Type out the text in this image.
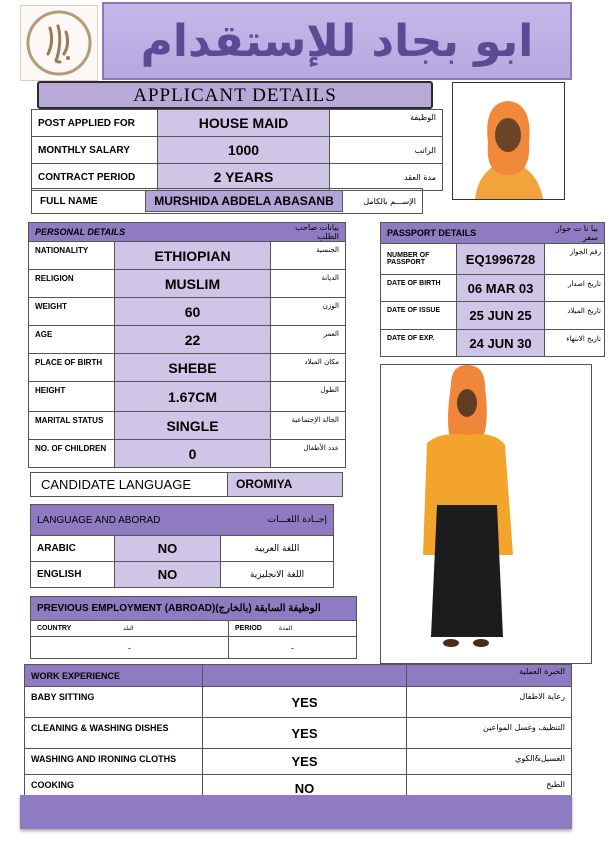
ابو بجاد للإستقدام
APPLICANT DETAILS
POST APPLIED FOR	HOUSE MAID	الوظيفة
MONTHLY SALARY	1000	الراتب
CONTRACT PERIOD	2 YEARS	مدة العقد
FULL NAME	MURSHIDA ABDELA ABASANB	الإســـم بالكامل
PERSONAL DETAILS		بيانات صاحب الطلب
NATIONALITY	ETHIOPIAN	الجنسية
RELIGION	MUSLIM	الديانة
WEIGHT	60	الوزن
AGE	22	العمر
PLACE OF BIRTH	SHEBE	مكان الميلاد
HEIGHT	1.67CM	الطول
MARITAL STATUS	SINGLE	الحالة الإجتماعية
NO. OF CHILDREN	0	عدد الأطفال
PASSPORT DETAILS		بيا نا ت جواز سفر
NUMBER OF PASSPORT	EQ1996728	رقم الجواز
DATE OF BIRTH	06 MAR 03	تاريخ اصدار
DATE OF ISSUE	25 JUN 25	تاريخ الميلاد
DATE OF EXP.	24 JUN 30	تاريخ الانتهاء
CANDIDATE LANGUAGE	OROMIYA
LANGUAGE AND ABORAD		إجــادة اللغـــات
ARABIC	NO	اللغة العربية
ENGLISH	NO	اللغة الانجليزية
PREVIOUS EMPLOYMENT (ABROAD)(الوظيفة السابقة (بالخارج	
COUNTRY البلد	PERIOD المدة

-	-
WORK EXPERIENCE		الخبرة العملية
BABY SITTING	YES	رعاية الاطفال
CLEANING & WASHING DISHES	YES	التنظيف وغسل المواعين
WASHING AND IRONING CLOTHS	YES	الغسيل&الكوي
COOKING	NO	الطبخ
